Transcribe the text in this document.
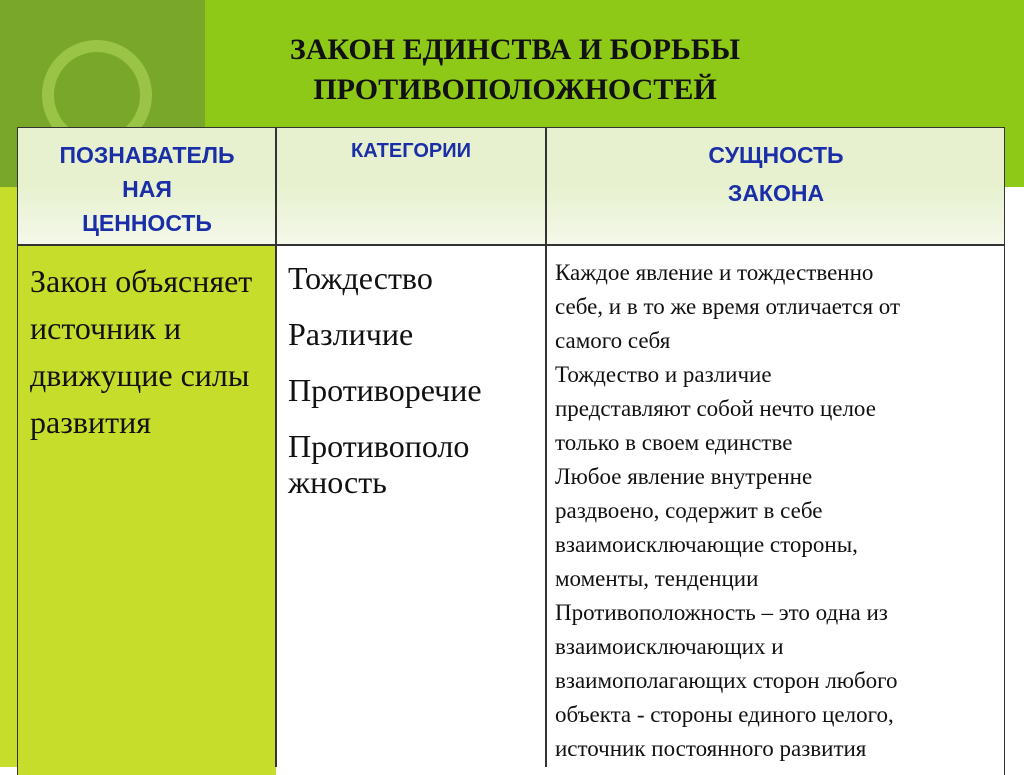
ЗАКОН ЕДИНСТВА И БОРЬБЫ
ПРОТИВОПОЛОЖНОСТЕЙ
ПОЗНАВАТЕЛЬ
НАЯ
ЦЕННОСТЬ
КАТЕГОРИИ	СУЩНОСТЬ
ЗАКОНА
Закон объясняет источник и движущие силы развития
Тождество
Различие
Противоречие
Противополо жность
Каждое явление и тождественно
себе, и в то же время отличается от
самого себя
Тождество и различие
представляют собой нечто целое
только в своем единстве
Любое явление внутренне
раздвоено, содержит в себе
взаимоисключающие стороны,
моменты, тенденции
Противоположность – это одна из
взаимоисключающих и
взаимополагающих сторон любого
объекта - стороны единого целого,
источник постоянного развития
